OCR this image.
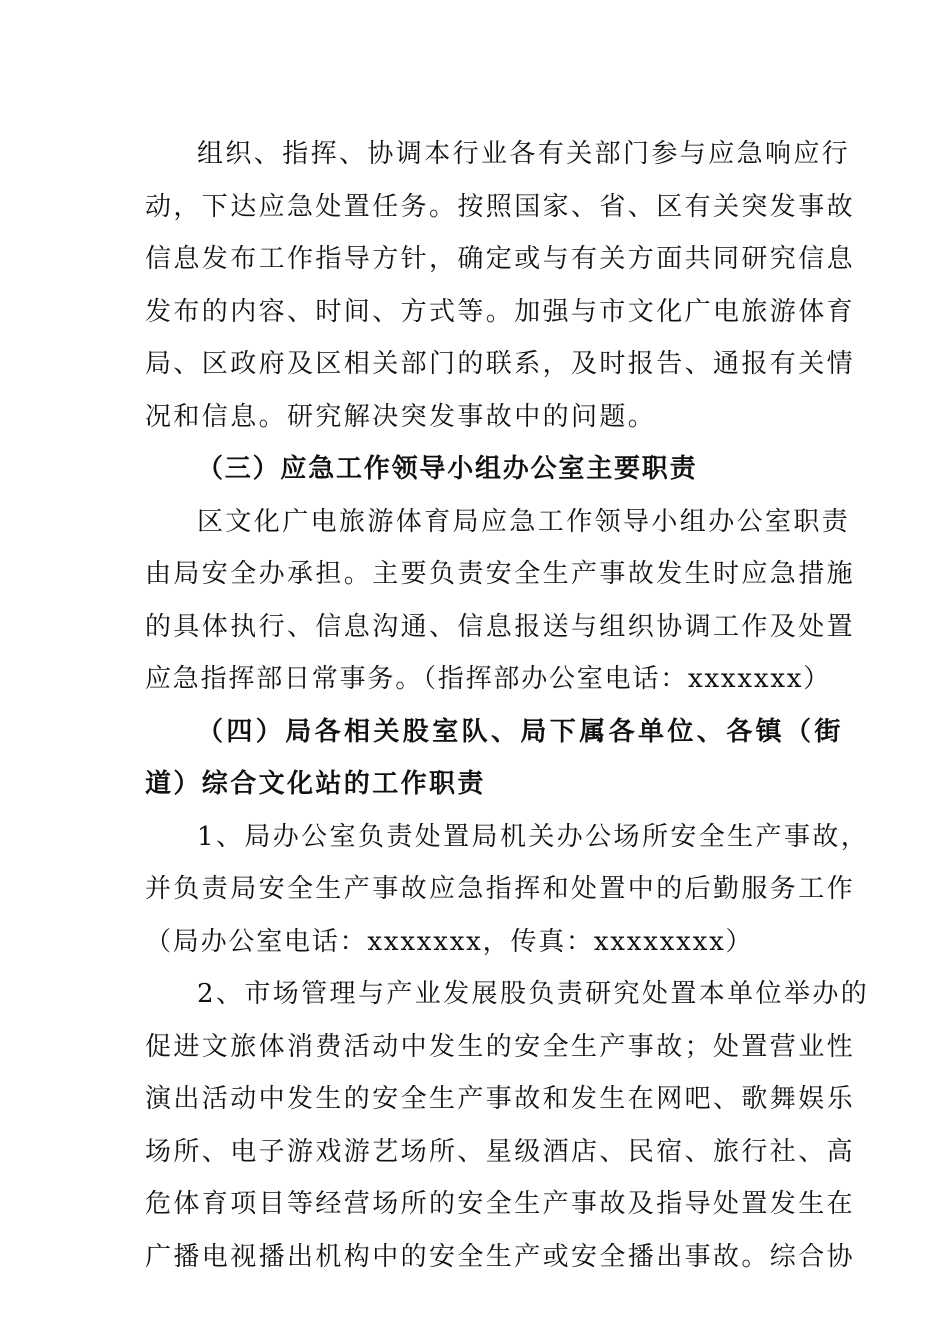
组织、指挥、协调本行业各有关部门参与应急响应行
动，下达应急处置任务。按照国家、省、区有关突发事故
信息发布工作指导方针，确定或与有关方面共同研究信息
发布的内容、时间、方式等。加强与市文化广电旅游体育
局、区政府及区相关部门的联系，及时报告、通报有关情
况和信息。研究解决突发事故中的问题。
（三）应急工作领导小组办公室主要职责
区文化广电旅游体育局应急工作领导小组办公室职责
由局安全办承担。主要负责安全生产事故发生时应急措施
的具体执行、信息沟通、信息报送与组织协调工作及处置
应急指挥部日常事务。（指挥部办公室电话：xxxxxxx）
（四）局各相关股室队、局下属各单位、各镇（街
道）综合文化站的工作职责
1、局办公室负责处置局机关办公场所安全生产事故，
并负责局安全生产事故应急指挥和处置中的后勤服务工作
（局办公室电话：xxxxxxx，传真：xxxxxxxx）
2、市场管理与产业发展股负责研究处置本单位举办的
促进文旅体消费活动中发生的安全生产事故；处置营业性
演出活动中发生的安全生产事故和发生在网吧、歌舞娱乐
场所、电子游戏游艺场所、星级酒店、民宿、旅行社、高
危体育项目等经营场所的安全生产事故及指导处置发生在
广播电视播出机构中的安全生产或安全播出事故。综合协
